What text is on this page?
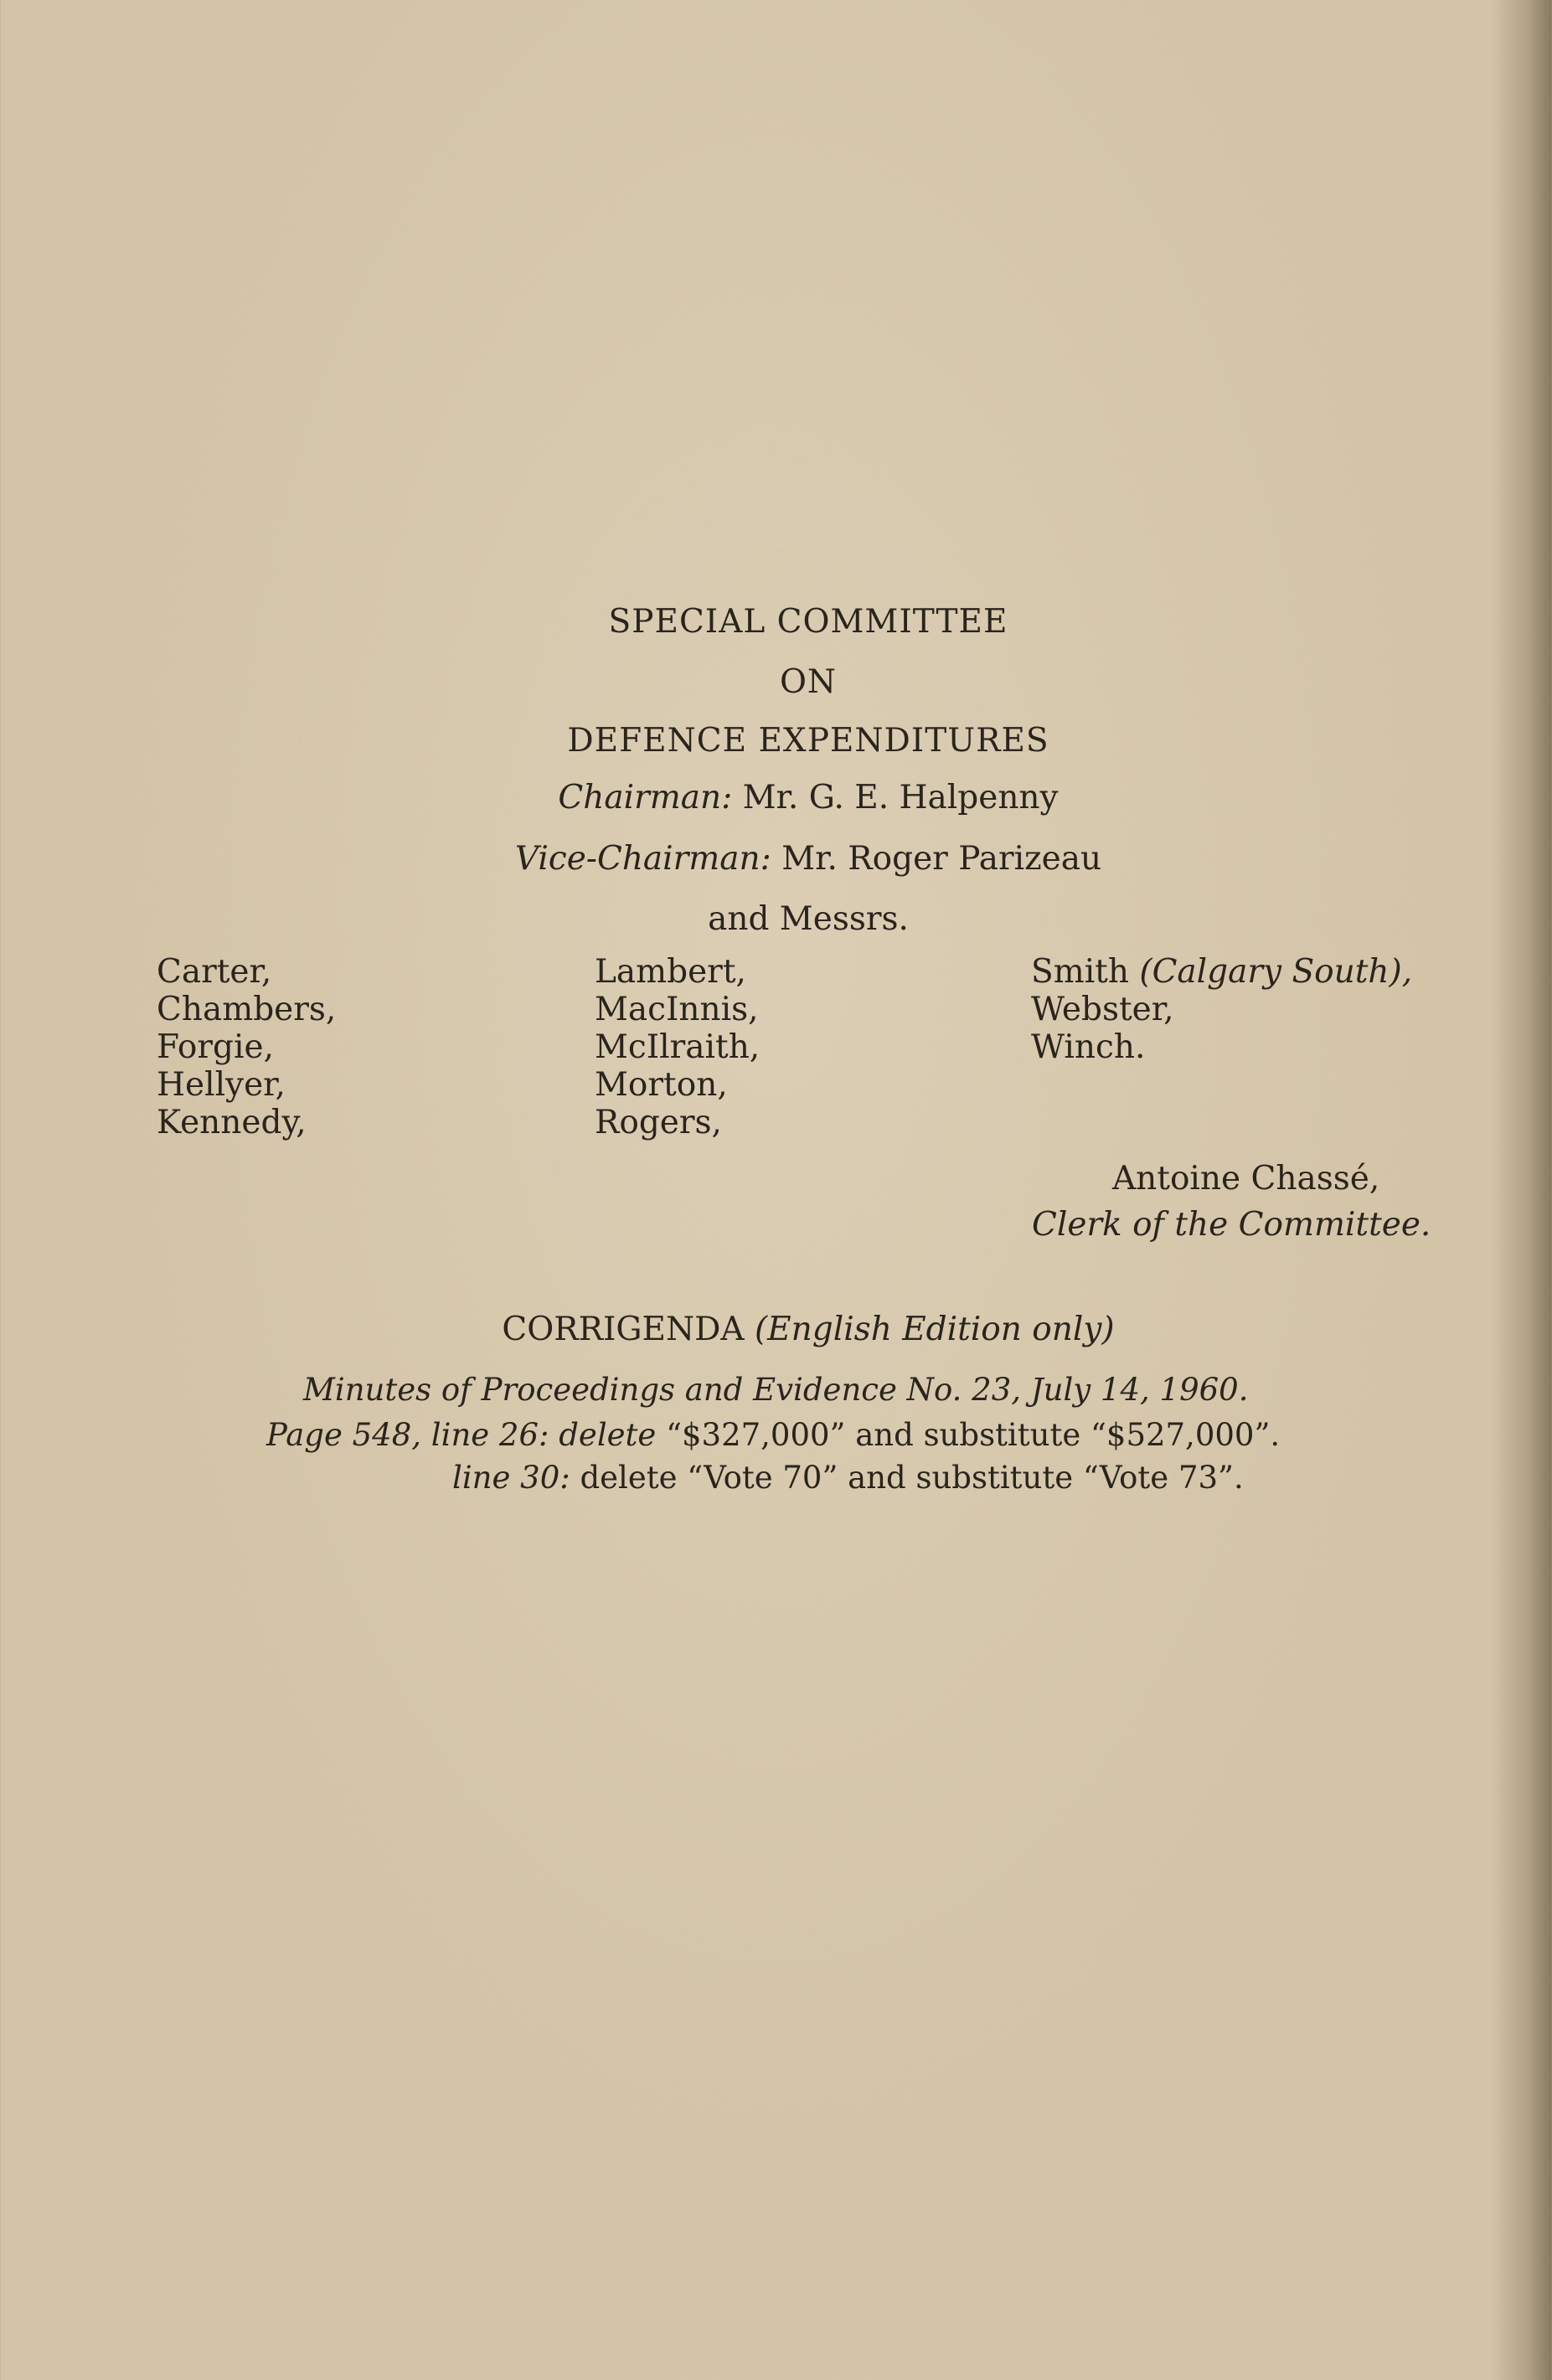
SPECIAL COMMITTEE
ON
DEFENCE EXPENDITURES
Chairman: Mr. G. E. Halpenny
Vice-Chairman: Mr. Roger Parizeau
and Messrs.
Carter,
Chambers,
Forgie,
Hellyer,
Kennedy,
Lambert,
MacInnis,
McIlraith,
Morton,
Rogers,
Smith (Calgary South),
Webster,
Winch.
Antoine Chassé,
Clerk of the Committee.
CORRIGENDA (English Edition only)
Minutes of Proceedings and Evidence No. 23, July 14, 1960.
Page 548, line 26: delete “$327,000” and substitute “$527,000”.
line 30: delete “Vote 70” and substitute “Vote 73”.
